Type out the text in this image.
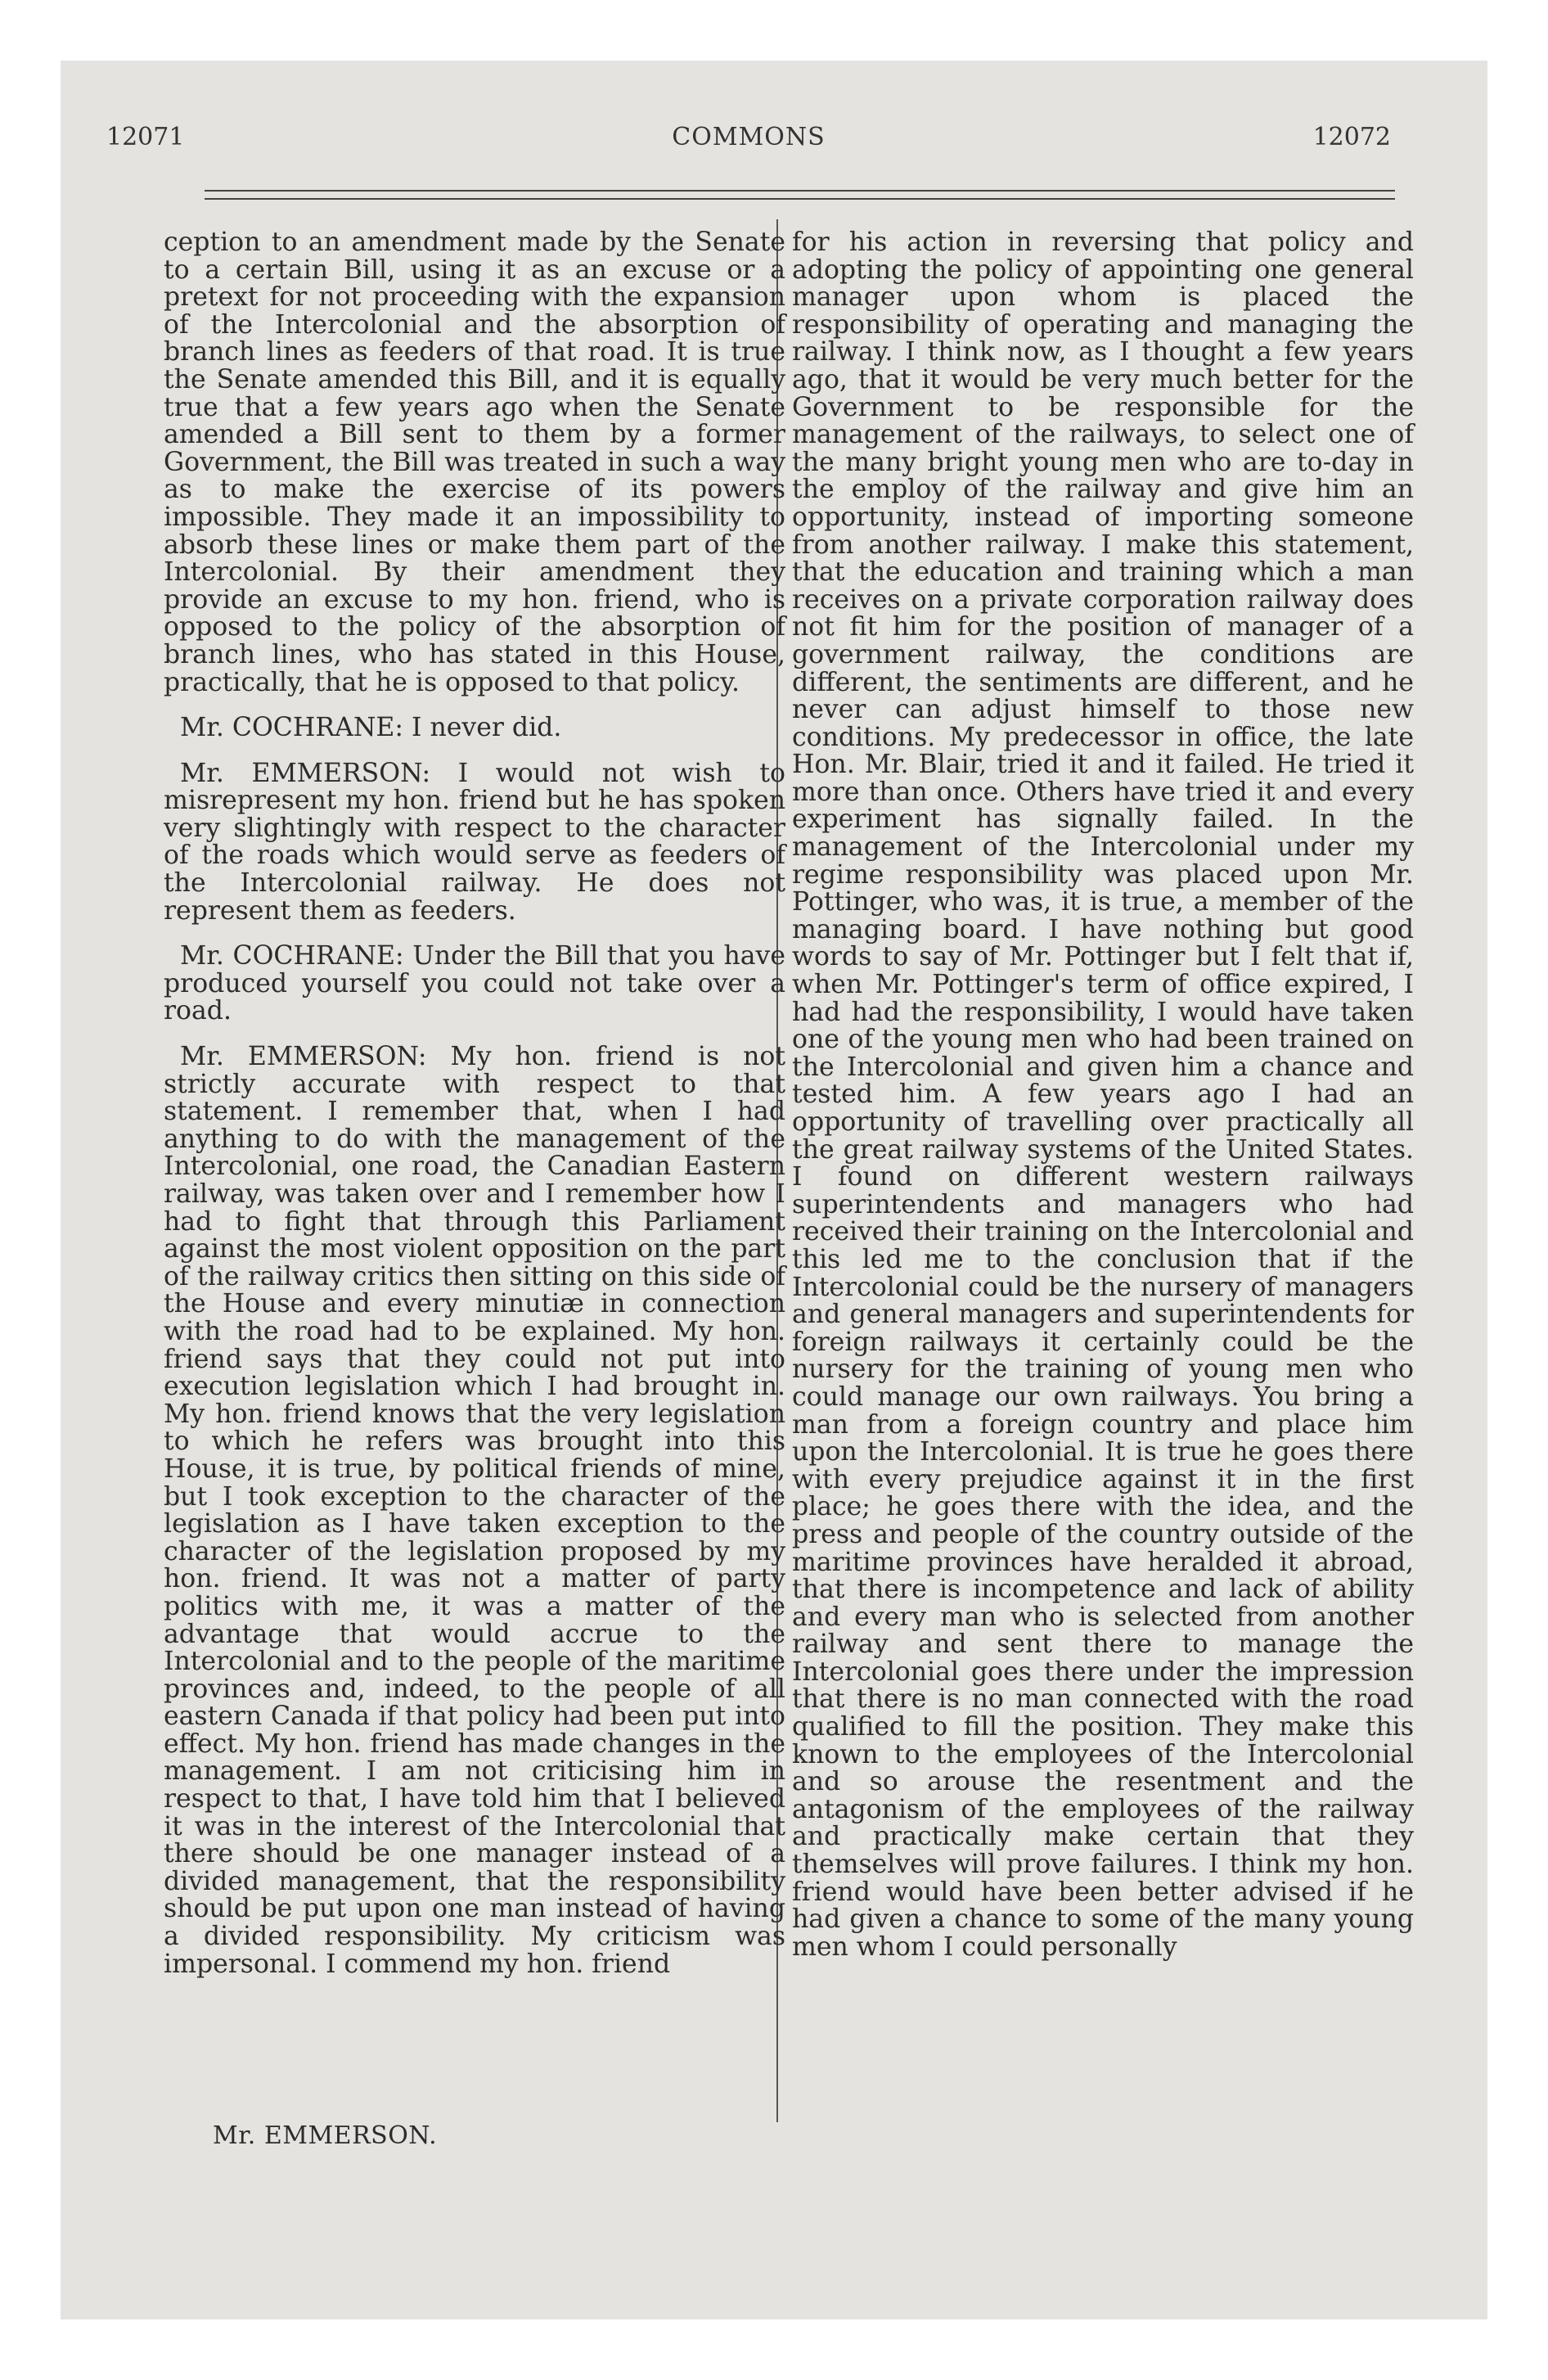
12071	COMMONS	12072

ception to an amendment made by the Senate to a certain Bill, using it as an excuse or a pretext for not proceeding with the expansion of the Intercolonial and the absorption of branch lines as feeders of that road. It is true the Senate amended this Bill, and it is equally true that a few years ago when the Senate amended a Bill sent to them by a former Government, the Bill was treated in such a way as to make the exercise of its powers impossible. They made it an impossibility to absorb these lines or make them part of the Intercolonial. By their amendment they provide an excuse to my hon. friend, who is opposed to the policy of the absorption of branch lines, who has stated in this House, practically, that he is opposed to that policy.

Mr. COCHRANE: I never did.

Mr. EMMERSON: I would not wish to misrepresent my hon. friend but he has spoken very slightingly with respect to the character of the roads which would serve as feeders of the Intercolonial railway. He does not represent them as feeders.

Mr. COCHRANE: Under the Bill that you have produced yourself you could not take over a road.

Mr. EMMERSON: My hon. friend is not strictly accurate with respect to that statement. I remember that, when I had anything to do with the management of the Intercolonial, one road, the Canadian Eastern railway, was taken over and I remember how I had to fight that through this Parliament against the most violent opposition on the part of the railway critics then sitting on this side of the House and every minutiæ in connection with the road had to be explained. My hon. friend says that they could not put into execution legislation which I had brought in. My hon. friend knows that the very legislation to which he refers was brought into this House, it is true, by political friends of mine, but I took exception to the character of the legislation as I have taken exception to the character of the legislation proposed by my hon. friend. It was not a matter of party politics with me, it was a matter of the advantage that would accrue to the Intercolonial and to the people of the maritime provinces and, indeed, to the people of all eastern Canada if that policy had been put into effect. My hon. friend has made changes in the management. I am not criticising him in respect to that, I have told him that I believed it was in the interest of the Intercolonial that there should be one manager instead of a divided management, that the responsibility should be put upon one man instead of having a divided responsibility. My criticism was impersonal. I commend my hon. friend

for his action in reversing that policy and adopting the policy of appointing one general manager upon whom is placed the responsibility of operating and managing the railway. I think now, as I thought a few years ago, that it would be very much better for the Government to be responsible for the management of the railways, to select one of the many bright young men who are to-day in the employ of the railway and give him an opportunity, instead of importing someone from another railway. I make this statement, that the education and training which a man receives on a private corporation railway does not fit him for the position of manager of a government railway, the conditions are different, the sentiments are different, and he never can adjust himself to those new conditions. My predecessor in office, the late Hon. Mr. Blair, tried it and it failed. He tried it more than once. Others have tried it and every experiment has signally failed. In the management of the Intercolonial under my regime responsibility was placed upon Mr. Pottinger, who was, it is true, a member of the managing board. I have nothing but good words to say of Mr. Pottinger but I felt that if, when Mr. Pottinger's term of office expired, I had had the responsibility, I would have taken one of the young men who had been trained on the Intercolonial and given him a chance and tested him. A few years ago I had an opportunity of travelling over practically all the great railway systems of the United States. I found on different western railways superintendents and managers who had received their training on the Intercolonial and this led me to the conclusion that if the Intercolonial could be the nursery of managers and general managers and superintendents for foreign railways it certainly could be the nursery for the training of young men who could manage our own railways. You bring a man from a foreign country and place him upon the Intercolonial. It is true he goes there with every prejudice against it in the first place; he goes there with the idea, and the press and people of the country outside of the maritime provinces have heralded it abroad, that there is incompetence and lack of ability and every man who is selected from another railway and sent there to manage the Intercolonial goes there under the impression that there is no man connected with the road qualified to fill the position. They make this known to the employees of the Intercolonial and so arouse the resentment and the antagonism of the employees of the railway and practically make certain that they themselves will prove failures. I think my hon. friend would have been better advised if he had given a chance to some of the many young men whom I could personally

Mr. EMMERSON.
